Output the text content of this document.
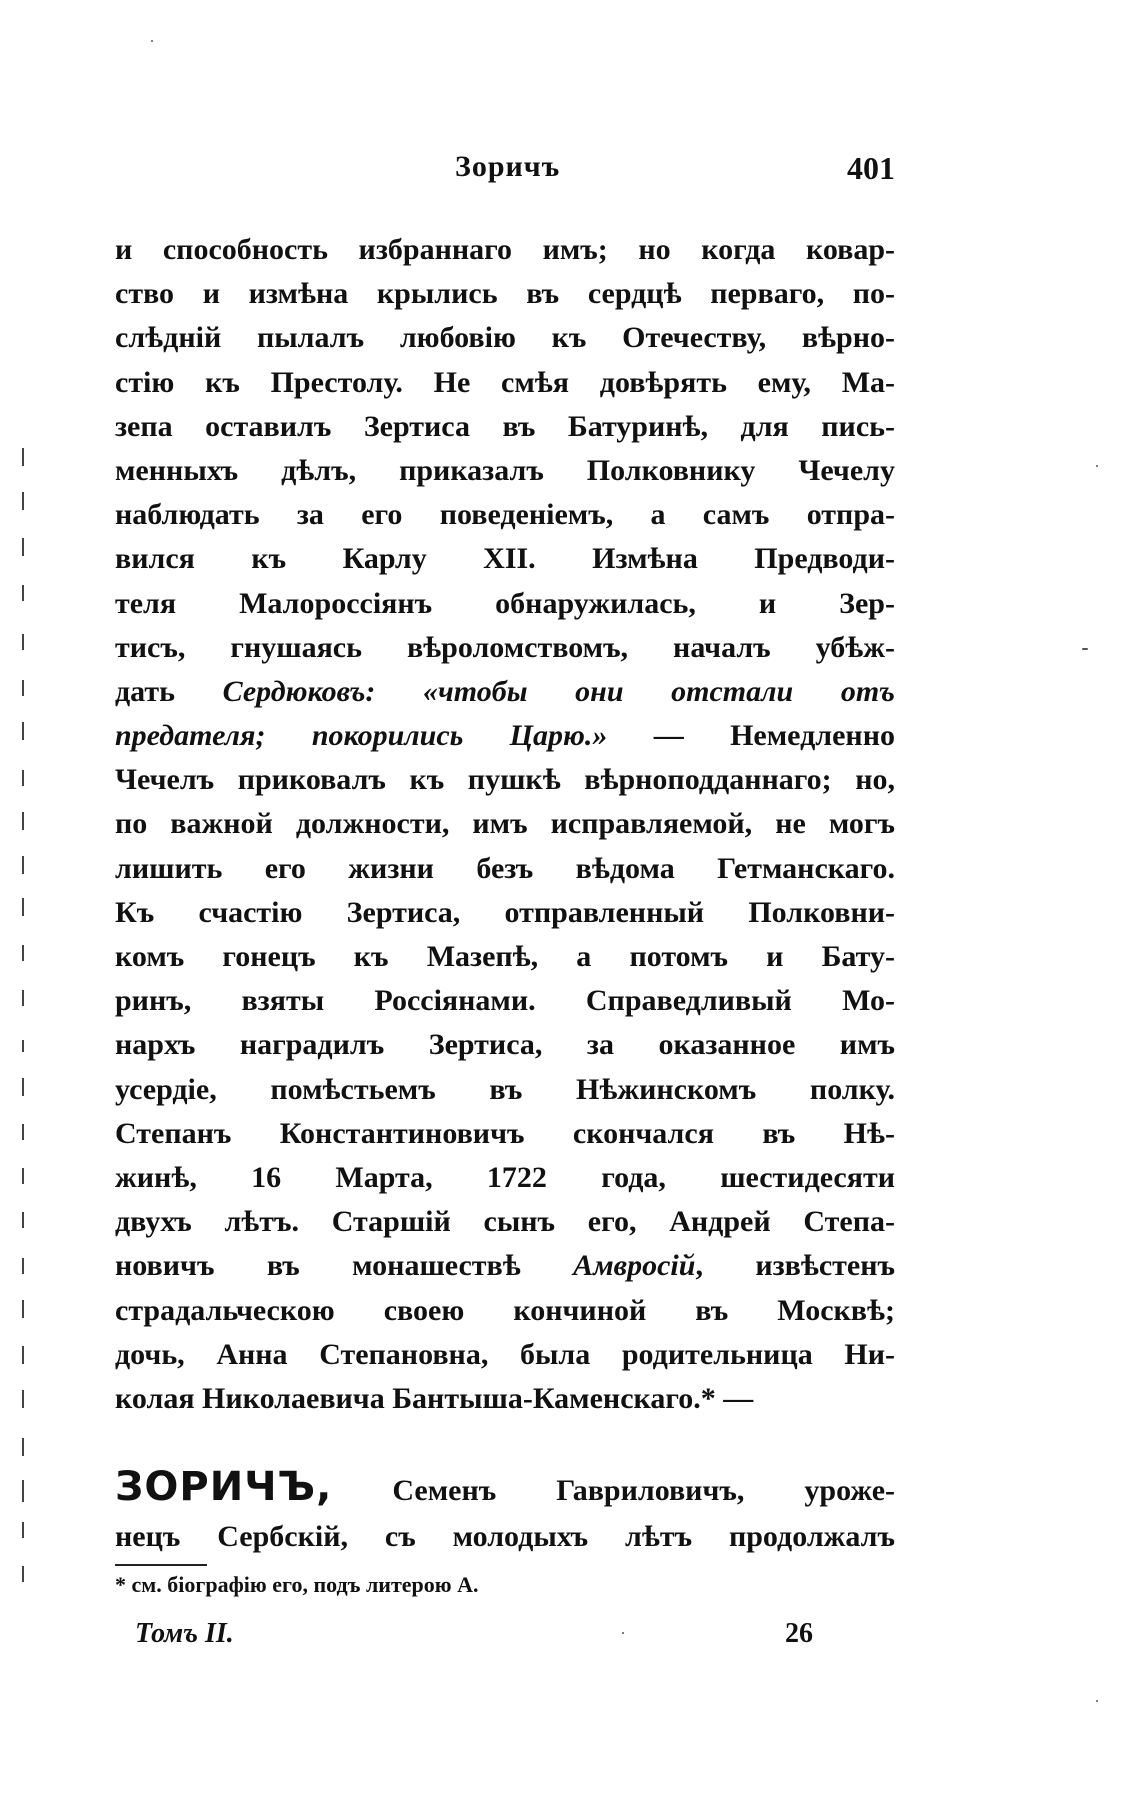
Зоричъ	401
и способность избраннаго имъ; но когда ковар-
ство и измѣна крылись въ сердцѣ перваго, по-
слѣднiй пылалъ любовiю къ Отечеству, вѣрно-
стiю къ Престолу. Не смѣя довѣрять ему, Ма-
зепа оставилъ Зертиса въ Батуринѣ, для пись-
менныхъ дѣлъ, приказалъ Полковнику Чечелу
наблюдать за его поведенiемъ, а самъ отпра-
вился къ Карлу XII. Измѣна Предводи-
теля Малороссiянъ обнаружилась, и Зер-
тисъ, гнушаясь вѣроломствомъ, началъ убѣж-
дать Сердюковъ: «чтобы они отстали отъ
предателя; покорились Царю.» — Немедленно
Чечелъ приковалъ къ пушкѣ вѣрноподданнаго; но,
по важной должности, имъ исправляемой, не могъ
лишить его жизни безъ вѣдома Гетманскаго.
Къ счастiю Зертиса, отправленный Полковни-
комъ гонецъ къ Мазепѣ, а потомъ и Бату-
ринъ, взяты Россiянами. Справедливый Мо-
нархъ наградилъ Зертиса, за оказанное имъ
усердiе, помѣстьемъ въ Нѣжинскомъ полку.
Степанъ Константиновичъ скончался въ Нѣ-
жинѣ, 16 Марта, 1722 года, шестидесяти
двухъ лѣтъ. Старшiй сынъ его, Андрей Степа-
новичъ въ монашествѣ Амвросiй, извѣстенъ
страдальческою своею кончиной въ Москвѣ;
дочь, Анна Степановна, была родительница Ни-
колая Николаевича Бантыша-Каменскаго.* —
ЗОРИЧЪ, Семенъ Гавриловичъ, уроже-
нецъ Сербскiй, съ молодыхъ лѣтъ продолжалъ
* см. бiографiю его, подъ литерою А.
Томъ II.	26
